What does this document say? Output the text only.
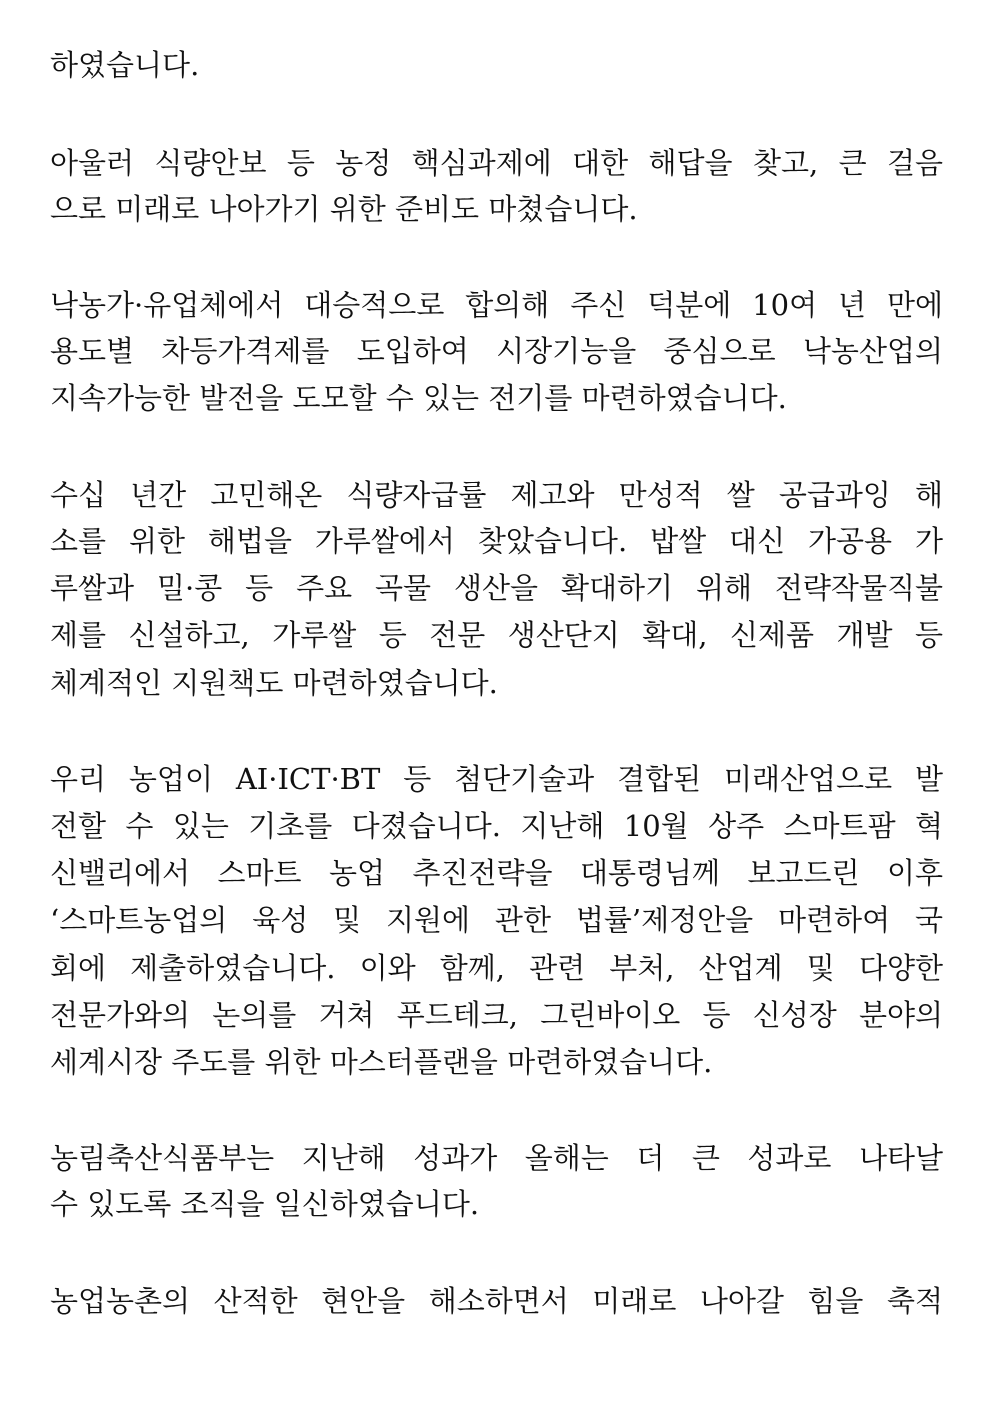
하였습니다.
아울러 식량안보 등 농정 핵심과제에 대한 해답을 찾고, 큰 걸음
으로 미래로 나아가기 위한 준비도 마쳤습니다.
낙농가·유업체에서 대승적으로 합의해 주신 덕분에 10여 년 만에
용도별 차등가격제를 도입하여 시장기능을 중심으로 낙농산업의
지속가능한 발전을 도모할 수 있는 전기를 마련하였습니다.
수십 년간 고민해온 식량자급률 제고와 만성적 쌀 공급과잉 해
소를 위한 해법을 가루쌀에서 찾았습니다. 밥쌀 대신 가공용 가
루쌀과 밀·콩 등 주요 곡물 생산을 확대하기 위해 전략작물직불
제를 신설하고, 가루쌀 등 전문 생산단지 확대, 신제품 개발 등
체계적인 지원책도 마련하였습니다.
우리 농업이 AI·ICT·BT 등 첨단기술과 결합된 미래산업으로 발
전할 수 있는 기초를 다졌습니다. 지난해 10월 상주 스마트팜 혁
신밸리에서 스마트 농업 추진전략을 대통령님께 보고드린 이후
‘스마트농업의 육성 및 지원에 관한 법률’제정안을 마련하여 국
회에 제출하였습니다. 이와 함께, 관련 부처, 산업계 및 다양한
전문가와의 논의를 거쳐 푸드테크, 그린바이오 등 신성장 분야의
세계시장 주도를 위한 마스터플랜을 마련하였습니다.
농림축산식품부는 지난해 성과가 올해는 더 큰 성과로 나타날
수 있도록 조직을 일신하였습니다.
농업농촌의 산적한 현안을 해소하면서 미래로 나아갈 힘을 축적
